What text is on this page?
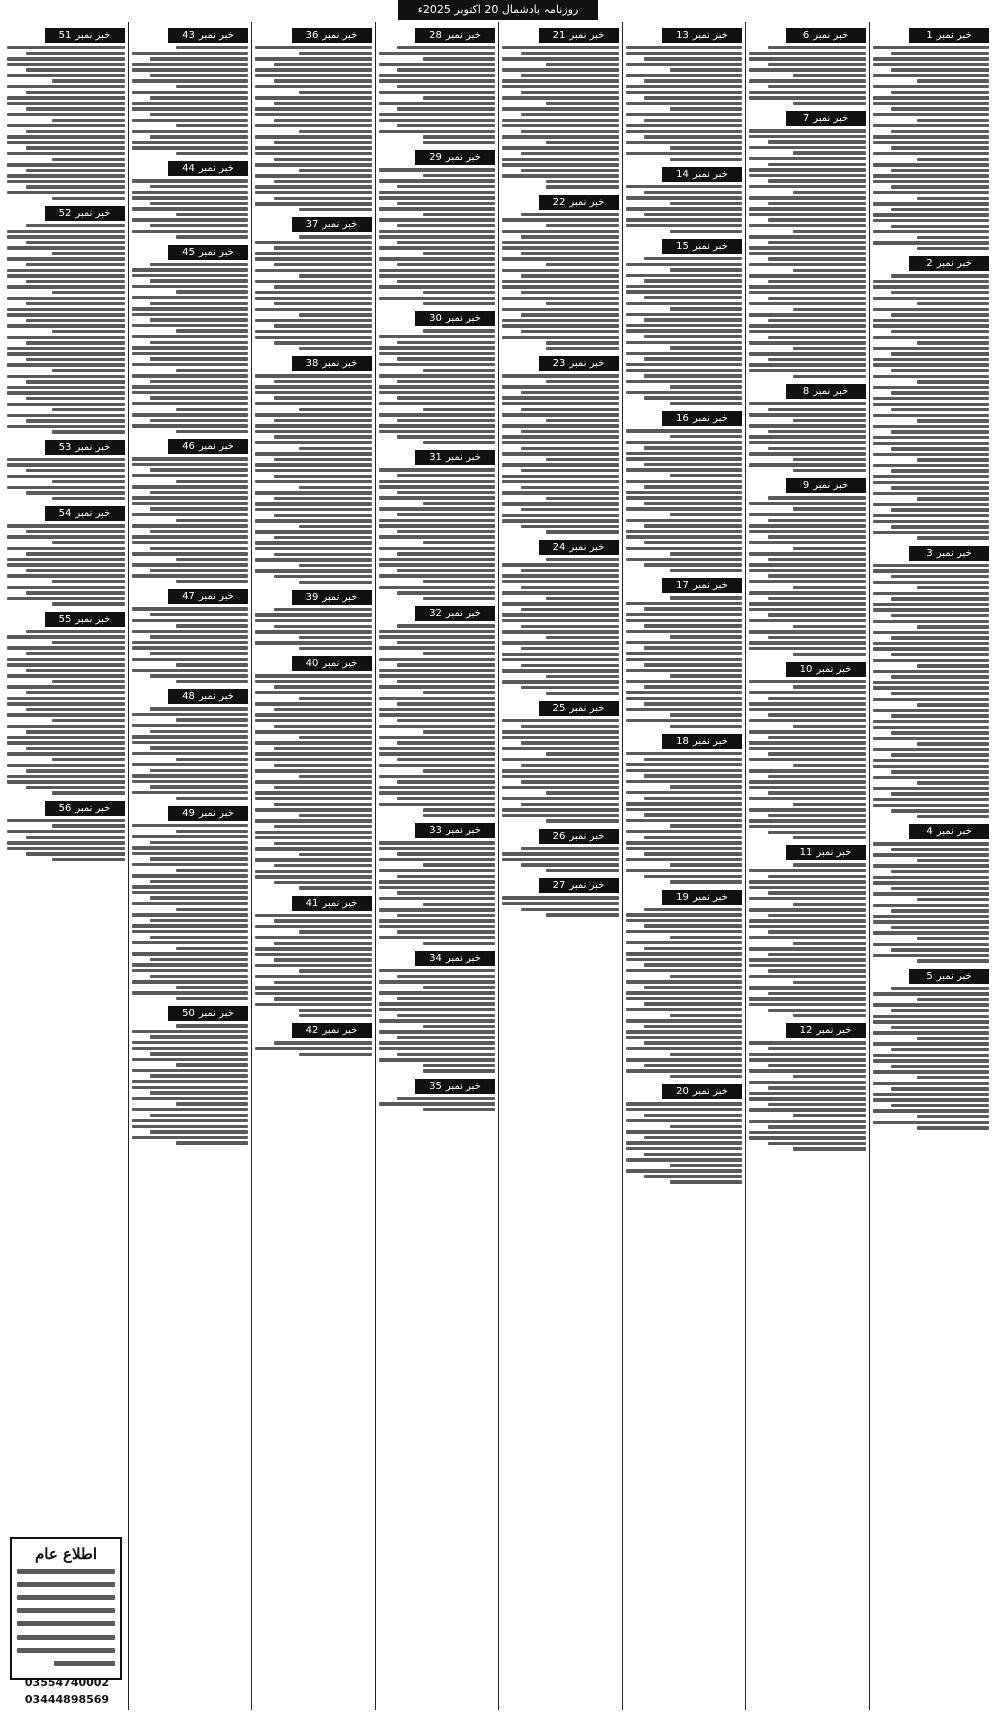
روزنامہ بادشمال 20 اکتوبر 2025ء
خبر نمبر1
خبر نمبر2
خبر نمبر3
خبر نمبر4
خبر نمبر5
خبر نمبر6
خبر نمبر7
خبر نمبر8
خبر نمبر9
خبر نمبر10
خبر نمبر11
خبر نمبر12
خبر نمبر13
خبر نمبر14
خبر نمبر15
خبر نمبر16
خبر نمبر17
خبر نمبر18
خبر نمبر19
خبر نمبر20
خبر نمبر21
خبر نمبر22
خبر نمبر23
خبر نمبر24
خبر نمبر25
خبر نمبر26
خبر نمبر27
خبر نمبر28
خبر نمبر29
خبر نمبر30
خبر نمبر31
خبر نمبر32
خبر نمبر33
خبر نمبر34
خبر نمبر35
خبر نمبر36
خبر نمبر37
خبر نمبر38
خبر نمبر39
خبر نمبر40
خبر نمبر41
خبر نمبر42
خبر نمبر43
خبر نمبر44
خبر نمبر45
خبر نمبر46
خبر نمبر47
خبر نمبر48
خبر نمبر49
خبر نمبر50
خبر نمبر51
خبر نمبر52
خبر نمبر53
خبر نمبر54
خبر نمبر55
خبر نمبر56
اطلاع عام
03554740002
03444898569
